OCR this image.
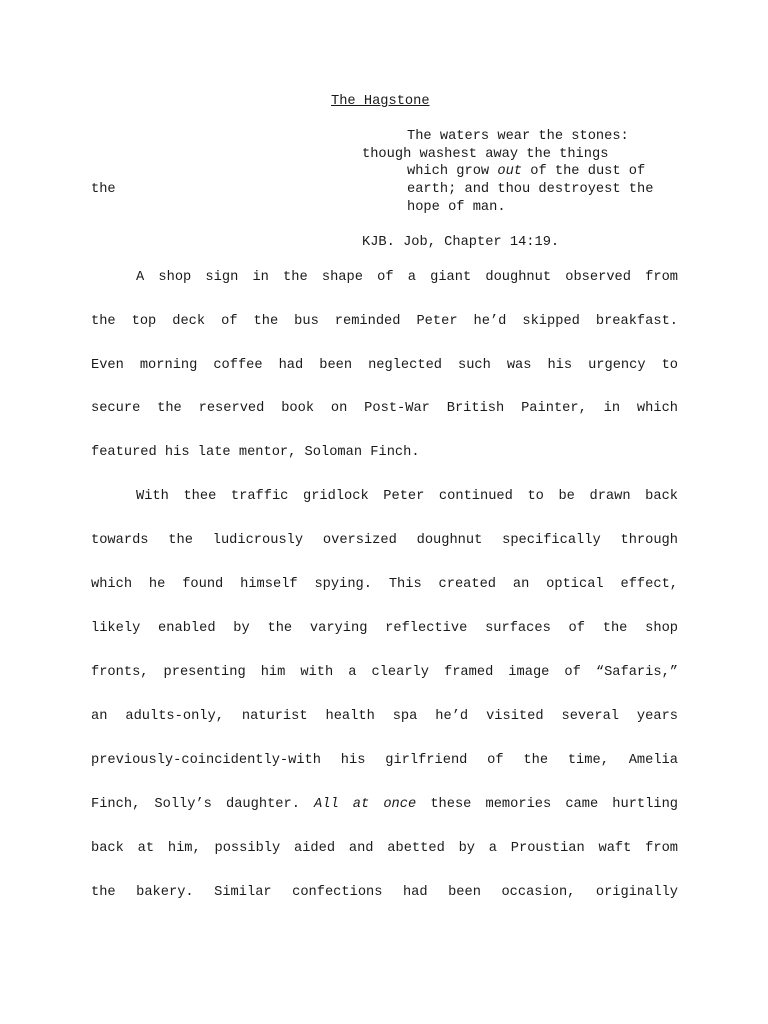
The Hagstone
The waters wear the stones:
though washest away the things
which grow out of the dust of
the	earth; and thou destroyest the
hope of man.
KJB. Job, Chapter 14:19.
A shop sign in the shape of a giant doughnut observed from
the top deck of the bus reminded Peter he’d skipped breakfast.
Even morning coffee had been neglected such was his urgency to
secure the reserved book on Post-War British Painter, in which
featured his late mentor, Soloman Finch.
With thee traffic gridlock Peter continued to be drawn back
towards the ludicrously oversized doughnut specifically through
which he found himself spying. This created an optical effect,
likely enabled by the varying reflective surfaces of the shop
fronts, presenting him with a clearly framed image of “Safaris,”
an adults-only, naturist health spa he’d visited several years
previously-coincidently-with his girlfriend of the time, Amelia
Finch, Solly’s daughter. All at once these memories came hurtling
back at him, possibly aided and abetted by a Proustian waft from
the bakery. Similar confections had been occasion, originally
